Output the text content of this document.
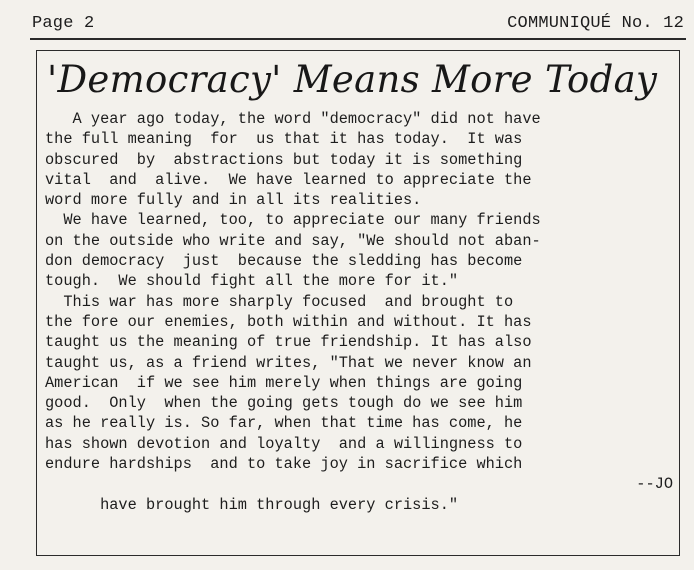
Page 2	COMMUNIQUÉ No. 12
'Democracy' Means More Today
A year ago today, the word "democracy" did not have
the full meaning  for  us that it has today.  It was
obscured  by  abstractions but today it is something
vital  and  alive.  We have learned to appreciate the
word more fully and in all its realities.
We have learned, too, to appreciate our many friends
on the outside who write and say, "We should not aban-
don democracy  just  because the sledding has become
tough.  We should fight all the more for it."
This war has more sharply focused  and brought to
the fore our enemies, both within and without. It has
taught us the meaning of true friendship. It has also
taught us, as a friend writes, "That we never know an
American  if we see him merely when things are going
good.  Only  when the going gets tough do we see him
as he really is. So far, when that time has come, he
has shown devotion and loyalty  and a willingness to
endure hardships  and to take joy in sacrifice which

have brought him through every crisis."

--JO
